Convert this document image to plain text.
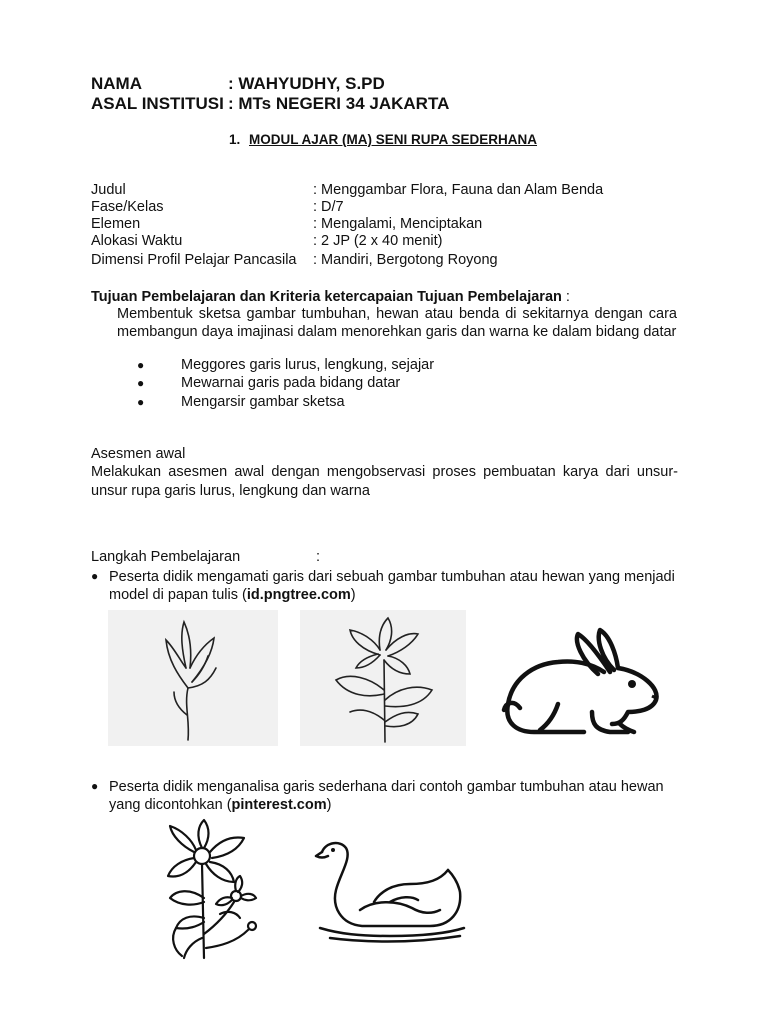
NAMA	: WAHYUDHY, S.PD
ASAL INSTITUSI : MTs NEGERI 34 JAKARTA
1. MODUL AJAR (MA) SENI RUPA SEDERHANA
Judul	: Menggambar Flora, Fauna dan Alam Benda
Fase/Kelas	: D/7
Elemen	: Mengalami, Menciptakan
Alokasi Waktu	: 2 JP (2 x 40 menit)
Dimensi Profil Pelajar Pancasila : Mandiri, Bergotong Royong
Tujuan Pembelajaran dan Kriteria ketercapaian Tujuan Pembelajaran :
Membentuk sketsa gambar tumbuhan, hewan atau benda di sekitarnya dengan cara membangun daya imajinasi dalam menorehkan garis dan warna ke dalam bidang datar
●	Meggores garis lurus, lengkung, sejajar
●	Mewarnai garis pada bidang datar
●	Mengarsir gambar sketsa
Asesmen awal
Melakukan asesmen awal dengan mengobservasi proses pembuatan karya dari unsur-unsur rupa garis lurus, lengkung dan warna
Langkah Pembelajaran	:
● Peserta didik mengamati garis dari sebuah gambar tumbuhan atau hewan yang menjadi model di papan tulis (id.pngtree.com)
● Peserta didik menganalisa garis sederhana dari contoh gambar tumbuhan atau hewan yang dicontohkan (pinterest.com)
